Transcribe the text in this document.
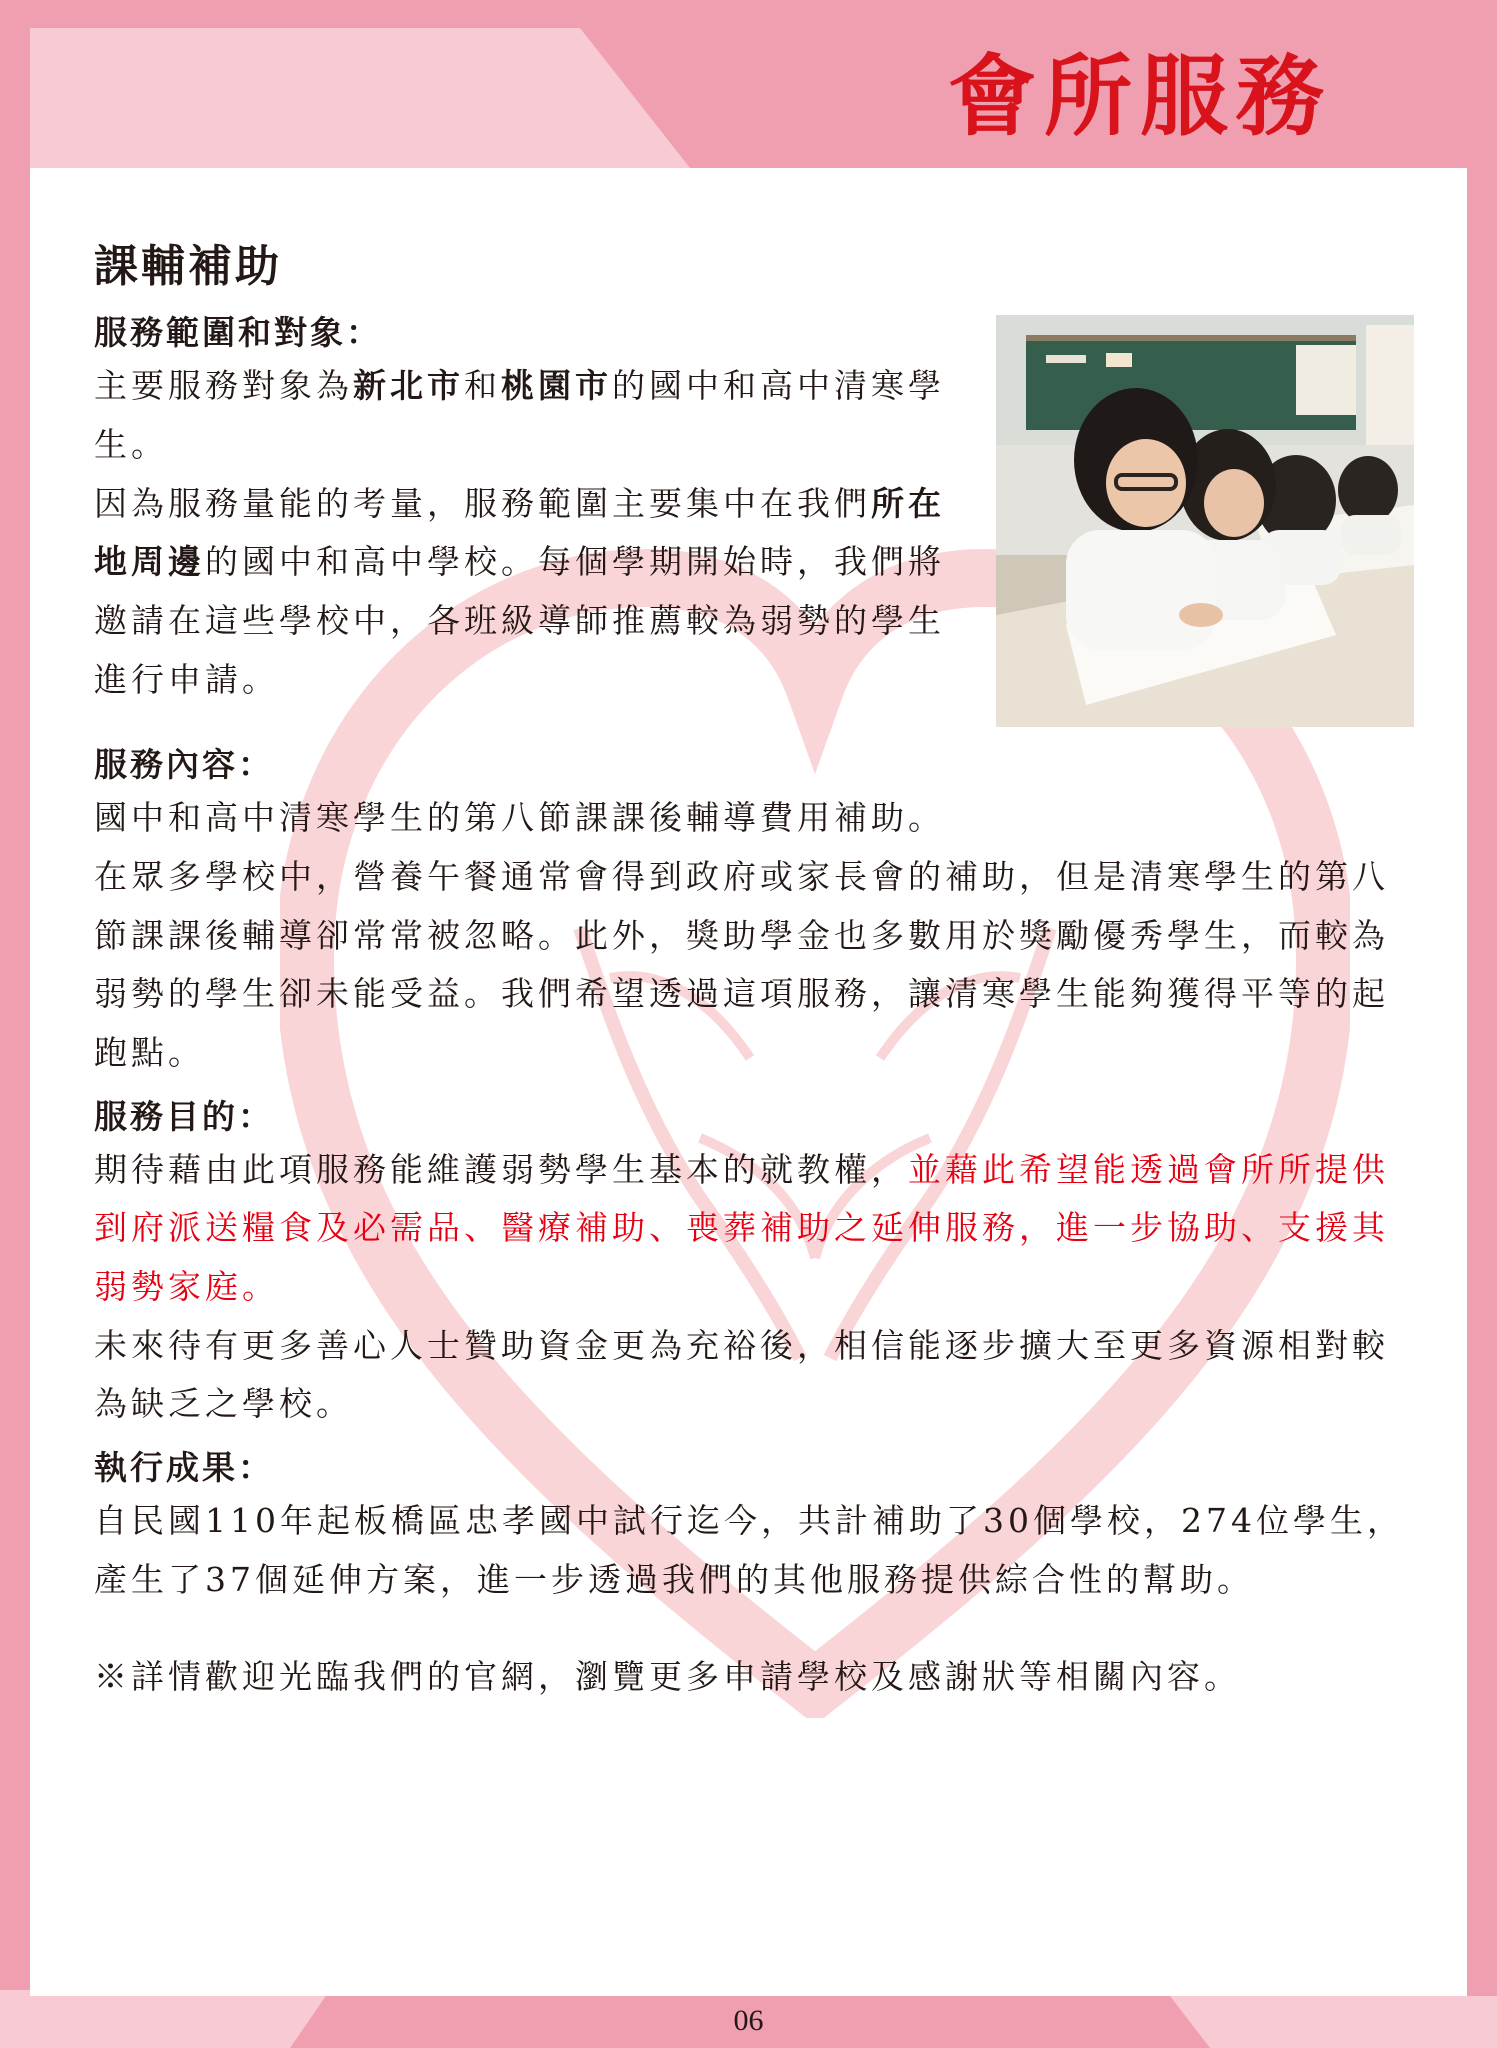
會所服務
課輔補助
服務範圍和對象：
主要服務對象為新北市和桃園市的國中和高中清寒學生。
因為服務量能的考量，服務範圍主要集中在我們所在地周邊的國中和高中學校。每個學期開始時，我們將邀請在這些學校中，各班級導師推薦較為弱勢的學生進行申請。
服務內容：
國中和高中清寒學生的第八節課課後輔導費用補助。
在眾多學校中，營養午餐通常會得到政府或家長會的補助，但是清寒學生的第八節課課後輔導卻常常被忽略。此外，獎助學金也多數用於獎勵優秀學生，而較為弱勢的學生卻未能受益。我們希望透過這項服務，讓清寒學生能夠獲得平等的起跑點。
服務目的：
期待藉由此項服務能維護弱勢學生基本的就教權，並藉此希望能透過會所所提供到府派送糧食及必需品、醫療補助、喪葬補助之延伸服務，進一步協助、支援其弱勢家庭。
未來待有更多善心人士贊助資金更為充裕後，相信能逐步擴大至更多資源相對較為缺乏之學校。
執行成果：
自民國110年起板橋區忠孝國中試行迄今，共計補助了30個學校，274位學生，產生了37個延伸方案，進一步透過我們的其他服務提供綜合性的幫助。
※詳情歡迎光臨我們的官網，瀏覽更多申請學校及感謝狀等相關內容。
06
